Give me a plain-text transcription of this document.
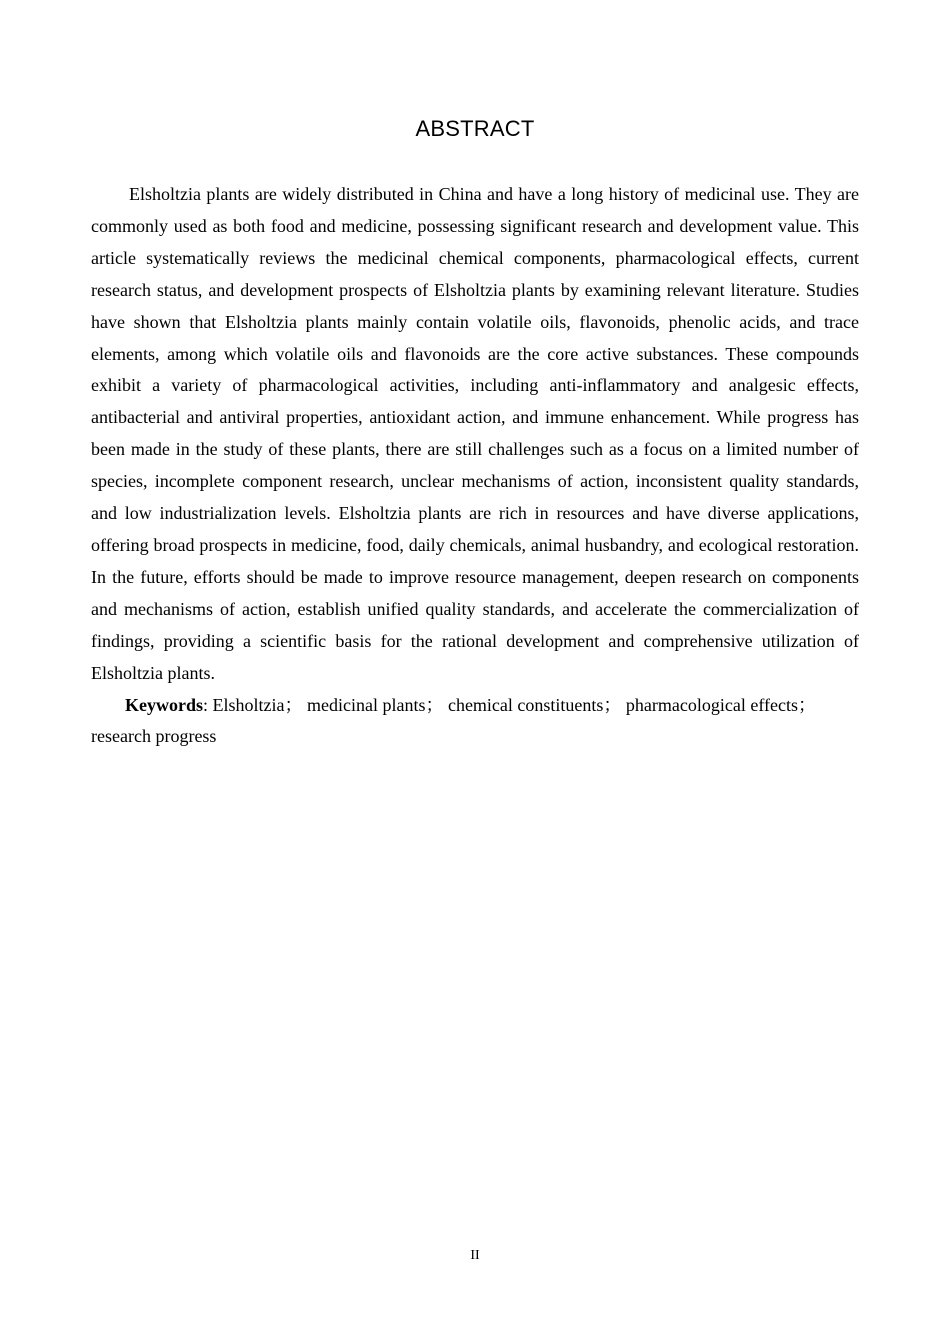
ABSTRACT

Elsholtzia plants are widely distributed in China and have a long history of medicinal use. They are commonly used as both food and medicine, possessing significant research and development value. This article systematically reviews the medicinal chemical components, pharmacological effects, current research status, and development prospects of Elsholtzia plants by examining relevant literature. Studies have shown that Elsholtzia plants mainly contain volatile oils, flavonoids, phenolic acids, and trace elements, among which volatile oils and flavonoids are the core active substances. These compounds exhibit a variety of pharmacological activities, including anti-inflammatory and analgesic effects, antibacterial and antiviral properties, antioxidant action, and immune enhancement. While progress has been made in the study of these plants, there are still challenges such as a focus on a limited number of species, incomplete component research, unclear mechanisms of action, inconsistent quality standards, and low industrialization levels. Elsholtzia plants are rich in resources and have diverse applications, offering broad prospects in medicine, food, daily chemicals, animal husbandry, and ecological restoration. In the future, efforts should be made to improve resource management, deepen research on components and mechanisms of action, establish unified quality standards, and accelerate the commercialization of findings, providing a scientific basis for the rational development and comprehensive utilization of Elsholtzia plants.

Keywords: Elsholtzia； medicinal plants； chemical constituents； pharmacological effects； research progress

II
